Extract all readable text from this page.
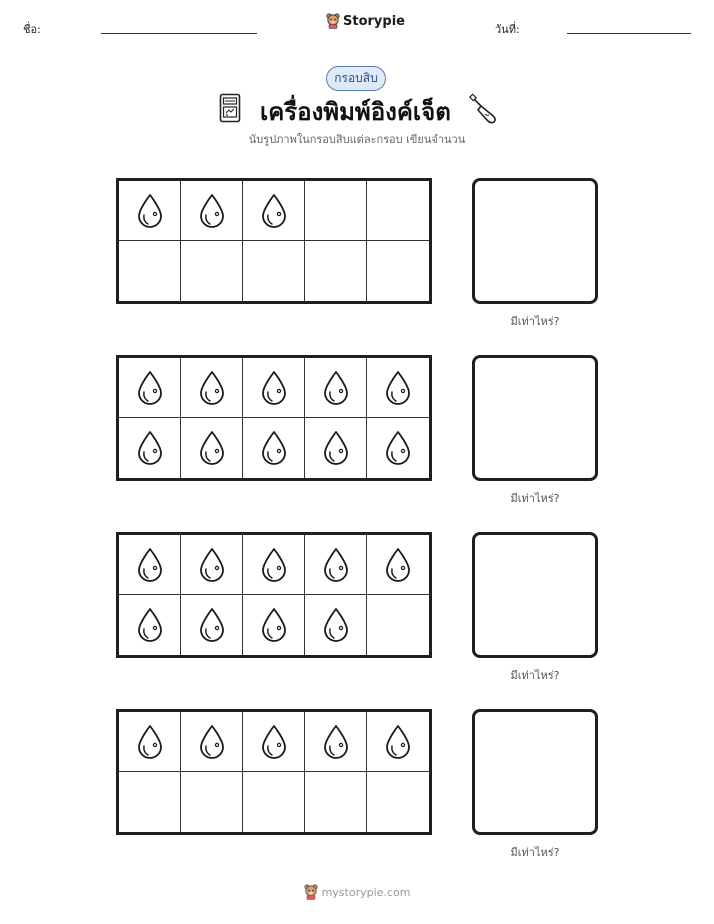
ชื่อ:
Storypie
วันที่:
กรอบสิบ
เครื่องพิมพ์อิงค์เจ็ต
นับรูปภาพในกรอบสิบแต่ละกรอบ เขียนจำนวน
มีเท่าไหร่?
มีเท่าไหร่?
มีเท่าไหร่?
มีเท่าไหร่?
mystorypie.com
